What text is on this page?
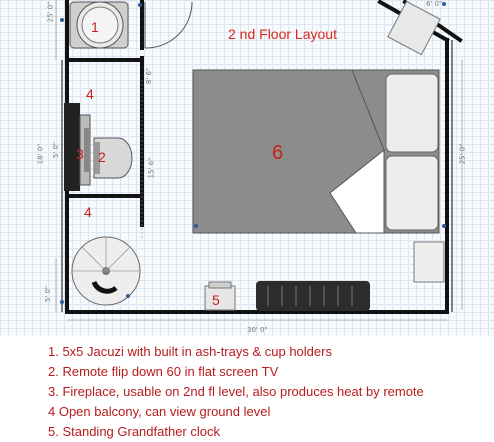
2 nd Floor Layout
1
4
3 2
4
5
6
6' 0"
25' 0"
18' 0" 5' 0"
8' 6"
15' 6"
25' 0"
5' 0"
30' 0"
1. 5x5 Jacuzi with built in ash-trays & cup holders
2. Remote flip down 60 in flat screen TV
3. Fireplace, usable on 2nd fl level, also produces heat by remote
4 Open balcony, can view ground level
5. Standing Grandfather clock
